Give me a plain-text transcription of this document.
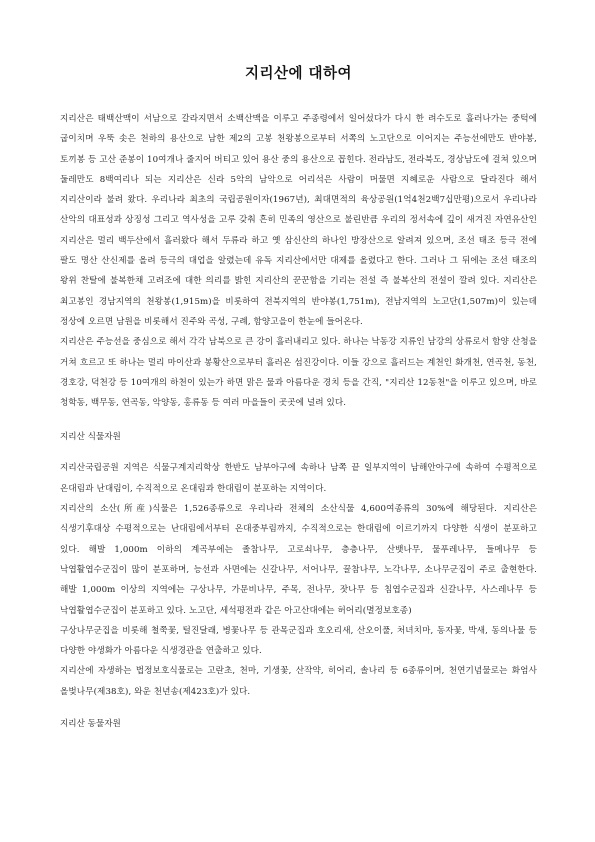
지리산에 대하여

지리산은 태백산맥이 서남으로 갈라지면서 소백산맥을 이루고 주종령에서 일어섰다가 다시 한 려수도로 흘러나가는 중턱에 굽이치며 우뚝 솟은 천하의 용산으로 남한 제2의 고봉 천왕봉으로부터 서쪽의 노고단으로 이어지는 주능선에만도 반야봉, 토끼봉 등 고산 준봉이 10여개나 줄지어 버티고 있어 용산 중의 용산으로 꼽힌다. 전라남도, 전라북도, 경상남도에 걸쳐 있으며 둘레만도 8백여리나 되는 지리산은 신라 5악의 남악으로 어리석은 사람이 머물면 지혜로운 사람으로 달라진다 해서 지리산이라 불려 왔다. 우리나라 최초의 국립공원이자(1967년), 최대면적의 육상공원(1억4천2백7십만평)으로서 우리나라 산악의 대표성과 상징성 그리고 역사성을 고루 갖춰 흔히 민족의 영산으로 불린반큼 우리의 정서속에 깊이 새겨진 자연유산인 지리산은 멀리 백두산에서 흘러왔다 해서 두류라 하고 옛 삼신산의 하나인 방장산으로 알려져 있으며, 조선 태조 등극 전에 팔도 명산 산신제를 올려 등극의 대업을 알렸는데 유독 지리산에서만 대제를 올렸다고 한다. 그러나 그 뒤에는 조선 태조의 왕위 찬탈에 불복한채 고려조에 대한 의리를 밝힌 지리산의 꾼꾼함을 기리는 전설 즉 불복산의 전설이 깔려 있다. 지리산은 최고봉인 경남지역의 천왕봉(1,915m)을 비롯하여 전북지역의 반야봉(1,751m), 전남지역의 노고단(1,507m)이 있는데 정상에 오르면 남원을 비롯해서 진주와 곡성, 구례, 함양고을이 한눈에 들어온다.

지리산은 주능선을 중심으로 해서 각각 남북으로 큰 강이 흘러내리고 있다. 하나는 낙동강 지류인 남강의 상류로서 함양 산청을 거쳐 흐르고 또 하나는 멀리 마이산과 봉황산으로부터 흘러온 섬진강이다. 이들 강으로 흘러드는 계천인 화개천, 연곡천, 동천, 경호강, 덕천강 등 10여개의 하천이 있는가 하면 맑은 물과 아름다운 경치 등을 간직, "지리산 12동천"을 이루고 있으며, 바로 청학동, 백무동, 연곡동, 악양동, 홍류동 등 여러 마을들이 곳곳에 널려 있다.

지리산 식물자원

지리산국립공원 지역은 식물구계지리학상 한반도 남부아구에 속하나 남쪽 끝 일부지역이 남해안아구에 속하여 수평적으로 온대림과 난대림이, 수직적으로 온대림과 한대림이 분포하는 지역이다.

지리산의 소산(所産)식물은 1,526종류으로 우리나라 전체의 소산식물 4,600여종류의 30%에 해당된다. 지리산은 식생기후대상 수평적으로는 난대림에서부터 온대중부림까지, 수직적으로는 한대림에 이르기까지 다양한 식생이 분포하고 있다. 해발 1,000m 이하의 계곡부에는 졸참나무, 고로쇠나무, 층층나무, 산뱃나무, 물푸레나무, 들메나무 등 낙엽활엽수군집이 많이 분포하며, 능선과 사면에는 신갈나무, 서어나무, 꿀참나무, 노각나무, 소나무군집이 주로 출현한다. 해발 1,000m 이상의 지역에는 구상나무, 가문비나무, 주목, 전나무, 잣나무 등 침엽수군집과 신갈나무, 사스레나무 등 낙엽활엽수군집이 분포하고 있다. 노고단, 세석평전과 같은 아고산대에는 허어리(멸정보호종)

구상나무군집을 비롯해 철쭉꽃, 털진달래, 병꽃나무 등 관목군집과 호오리새, 산오이풀, 처녀치마, 동자꽃, 박새, 동의나물 등 다양한 야생화가 아름다운 식생경관을 연출하고 있다.

지리산에 자생하는 법정보호식물로는 고란초, 천마, 기생꽃, 산작약, 히어리, 솔나리 등 6종류이며, 천연기념물로는 화엄사 올벚나무(제38호), 와운 천년송(제423호)가 있다.

지리산 동물자원
